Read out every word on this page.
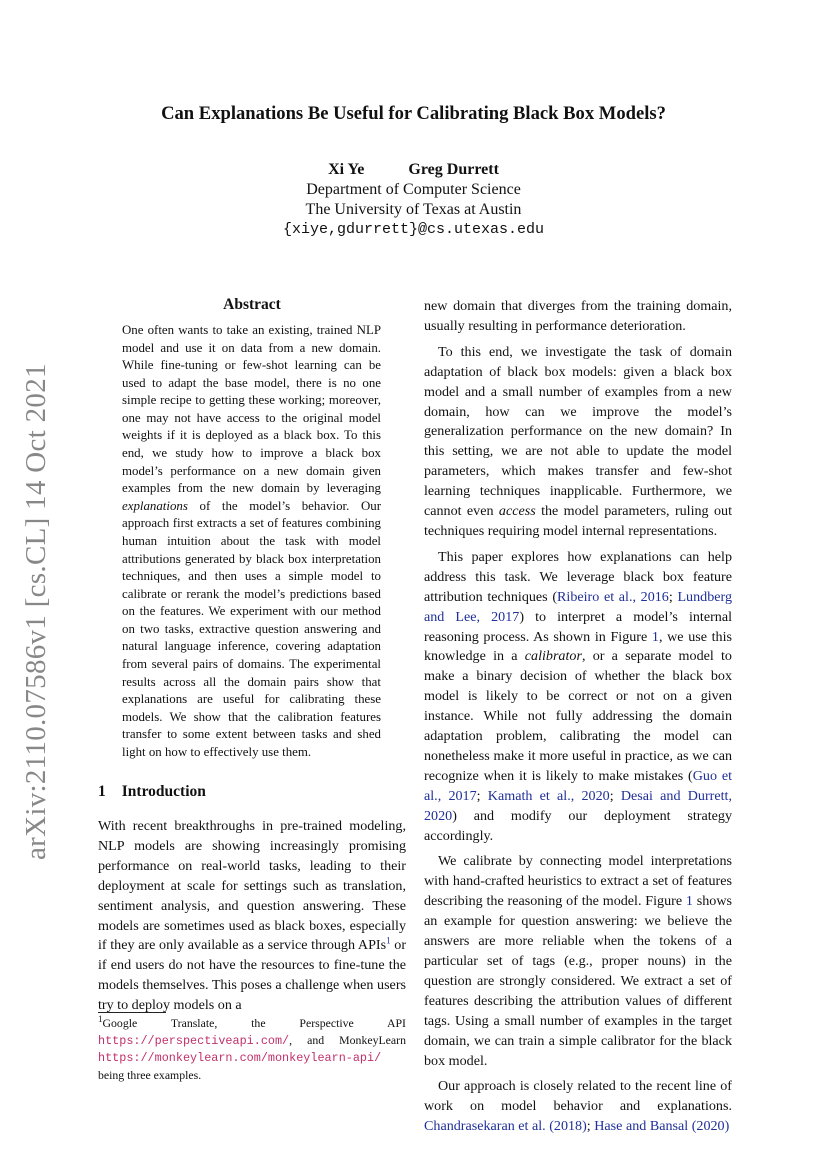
arXiv:2110.07586v1 [cs.CL] 14 Oct 2021
Can Explanations Be Useful for Calibrating Black Box Models?
Xi Ye	Greg Durrett
Department of Computer Science
The University of Texas at Austin
{xiye,gdurrett}@cs.utexas.edu
Abstract
One often wants to take an existing, trained NLP model and use it on data from a new domain. While fine-tuning or few-shot learning can be used to adapt the base model, there is no one simple recipe to getting these working; moreover, one may not have access to the original model weights if it is deployed as a black box. To this end, we study how to improve a black box model’s performance on a new domain given examples from the new domain by leveraging explanations of the model’s behavior. Our approach first extracts a set of features combining human intuition about the task with model attributions generated by black box interpretation techniques, and then uses a simple model to calibrate or rerank the model’s predictions based on the features. We experiment with our method on two tasks, extractive question answering and natural language inference, covering adaptation from several pairs of domains. The experimental results across all the domain pairs show that explanations are useful for calibrating these models. We show that the calibration features transfer to some extent between tasks and shed light on how to effectively use them.
1 Introduction
With recent breakthroughs in pre-trained modeling, NLP models are showing increasingly promising performance on real-world tasks, leading to their deployment at scale for settings such as translation, sentiment analysis, and question answering. These models are sometimes used as black boxes, especially if they are only available as a service through APIs$^1$ or if end users do not have the resources to fine-tune the models themselves. This poses a challenge when users try to deploy models on a
$^1$Google Translate, the Perspective API https://perspectiveapi.com/, and MonkeyLearn https://monkeylearn.com/monkeylearn-api/ being three examples.

new domain that diverges from the training domain, usually resulting in performance deterioration.

To this end, we investigate the task of domain adaptation of black box models: given a black box model and a small number of examples from a new domain, how can we improve the model’s generalization performance on the new domain? In this setting, we are not able to update the model parameters, which makes transfer and few-shot learning techniques inapplicable. Furthermore, we cannot even access the model parameters, ruling out techniques requiring model internal representations.

This paper explores how explanations can help address this task. We leverage black box feature attribution techniques (Ribeiro et al., 2016; Lundberg and Lee, 2017) to interpret a model’s internal reasoning process. As shown in Figure 1, we use this knowledge in a calibrator, or a separate model to make a binary decision of whether the black box model is likely to be correct or not on a given instance. While not fully addressing the domain adaptation problem, calibrating the model can nonetheless make it more useful in practice, as we can recognize when it is likely to make mistakes (Guo et al., 2017; Kamath et al., 2020; Desai and Durrett, 2020) and modify our deployment strategy accordingly.

We calibrate by connecting model interpretations with hand-crafted heuristics to extract a set of features describing the reasoning of the model. Figure 1 shows an example for question answering: we believe the answers are more reliable when the tokens of a particular set of tags (e.g., proper nouns) in the question are strongly considered. We extract a set of features describing the attribution values of different tags. Using a small number of examples in the target domain, we can train a simple calibrator for the black box model.

Our approach is closely related to the recent line of work on model behavior and explanations. Chandrasekaran et al. (2018); Hase and Bansal (2020)
